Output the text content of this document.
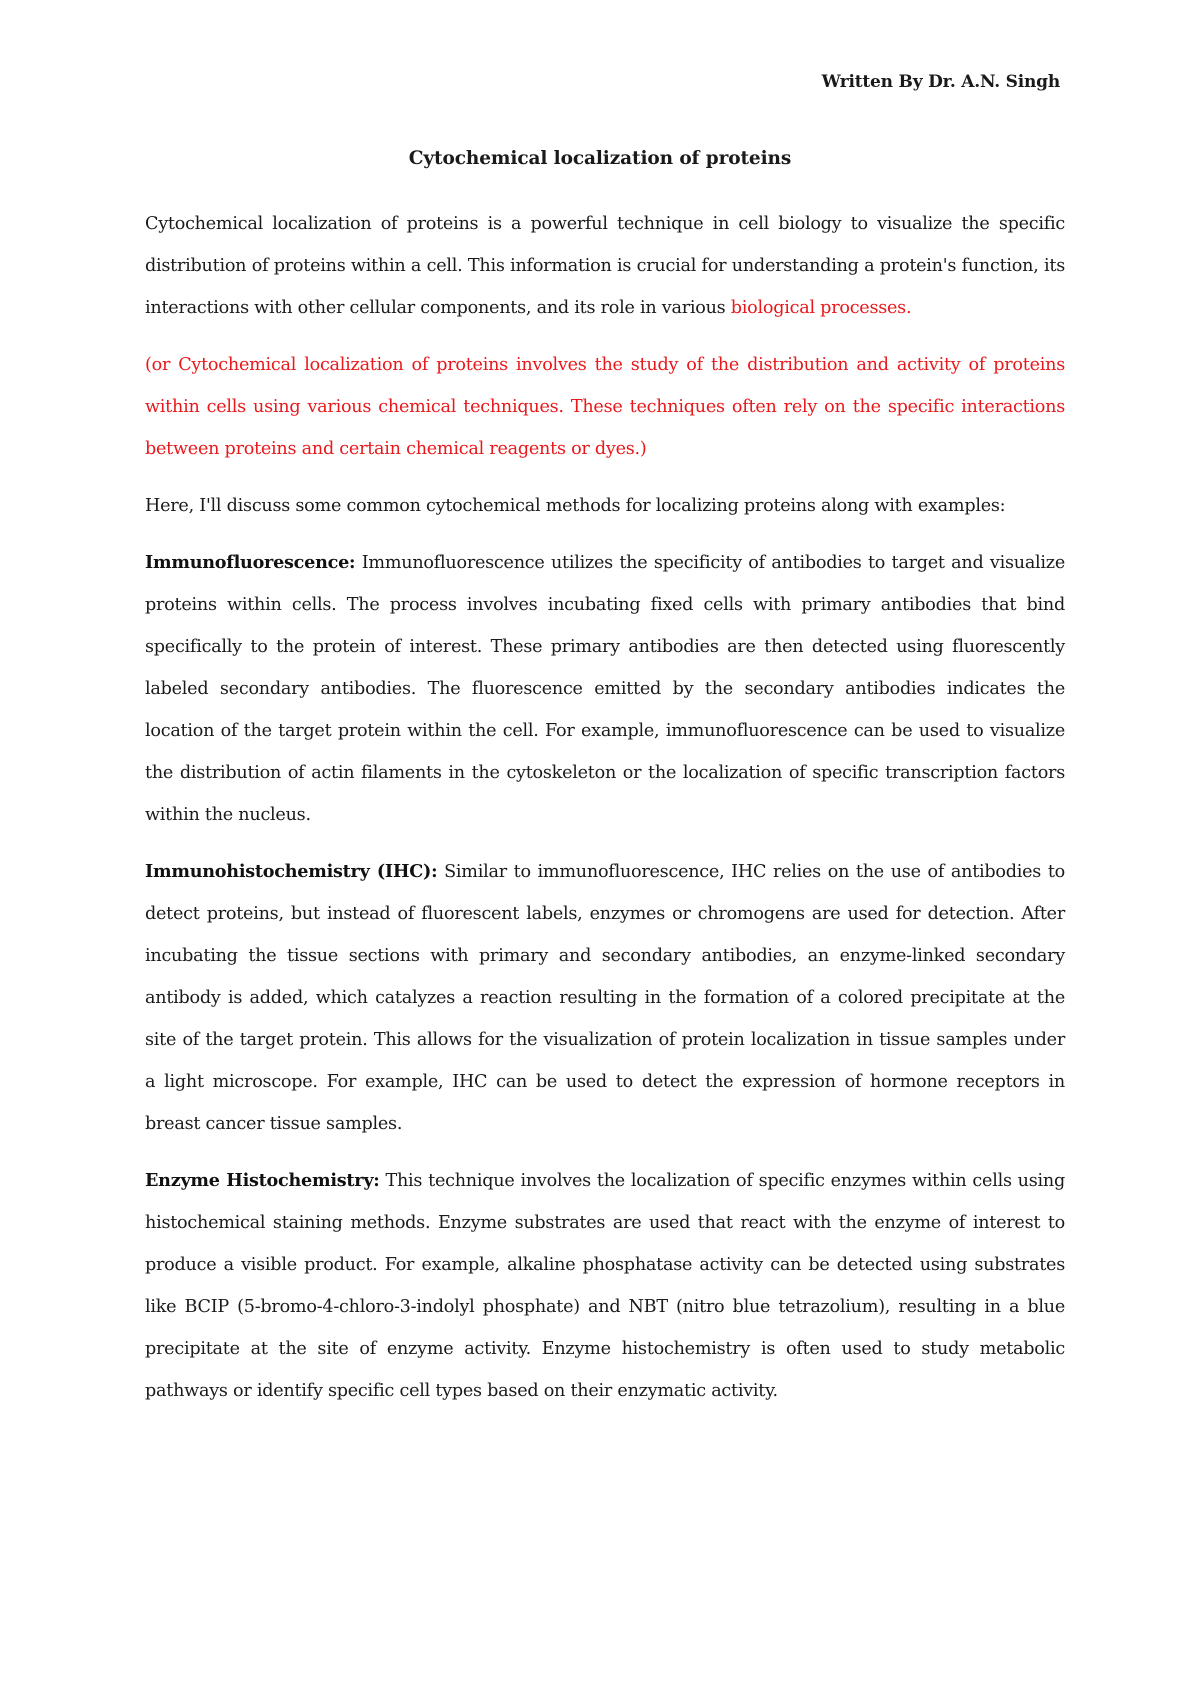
Written By Dr. A.N. Singh
Cytochemical localization of proteins

Cytochemical localization of proteins is a powerful technique in cell biology to visualize the specific distribution of proteins within a cell. This information is crucial for understanding a protein's function, its interactions with other cellular components, and its role in various biological processes.

(or Cytochemical localization of proteins involves the study of the distribution and activity of proteins within cells using various chemical techniques. These techniques often rely on the specific interactions between proteins and certain chemical reagents or dyes.)

Here, I'll discuss some common cytochemical methods for localizing proteins along with examples:

Immunofluorescence: Immunofluorescence utilizes the specificity of antibodies to target and visualize proteins within cells. The process involves incubating fixed cells with primary antibodies that bind specifically to the protein of interest. These primary antibodies are then detected using fluorescently labeled secondary antibodies. The fluorescence emitted by the secondary antibodies indicates the location of the target protein within the cell. For example, immunofluorescence can be used to visualize the distribution of actin filaments in the cytoskeleton or the localization of specific transcription factors within the nucleus.

Immunohistochemistry (IHC): Similar to immunofluorescence, IHC relies on the use of antibodies to detect proteins, but instead of fluorescent labels, enzymes or chromogens are used for detection. After incubating the tissue sections with primary and secondary antibodies, an enzyme-linked secondary antibody is added, which catalyzes a reaction resulting in the formation of a colored precipitate at the site of the target protein. This allows for the visualization of protein localization in tissue samples under a light microscope. For example, IHC can be used to detect the expression of hormone receptors in breast cancer tissue samples.

Enzyme Histochemistry: This technique involves the localization of specific enzymes within cells using histochemical staining methods. Enzyme substrates are used that react with the enzyme of interest to produce a visible product. For example, alkaline phosphatase activity can be detected using substrates like BCIP (5-bromo-4-chloro-3-indolyl phosphate) and NBT (nitro blue tetrazolium), resulting in a blue precipitate at the site of enzyme activity. Enzyme histochemistry is often used to study metabolic pathways or identify specific cell types based on their enzymatic activity.
